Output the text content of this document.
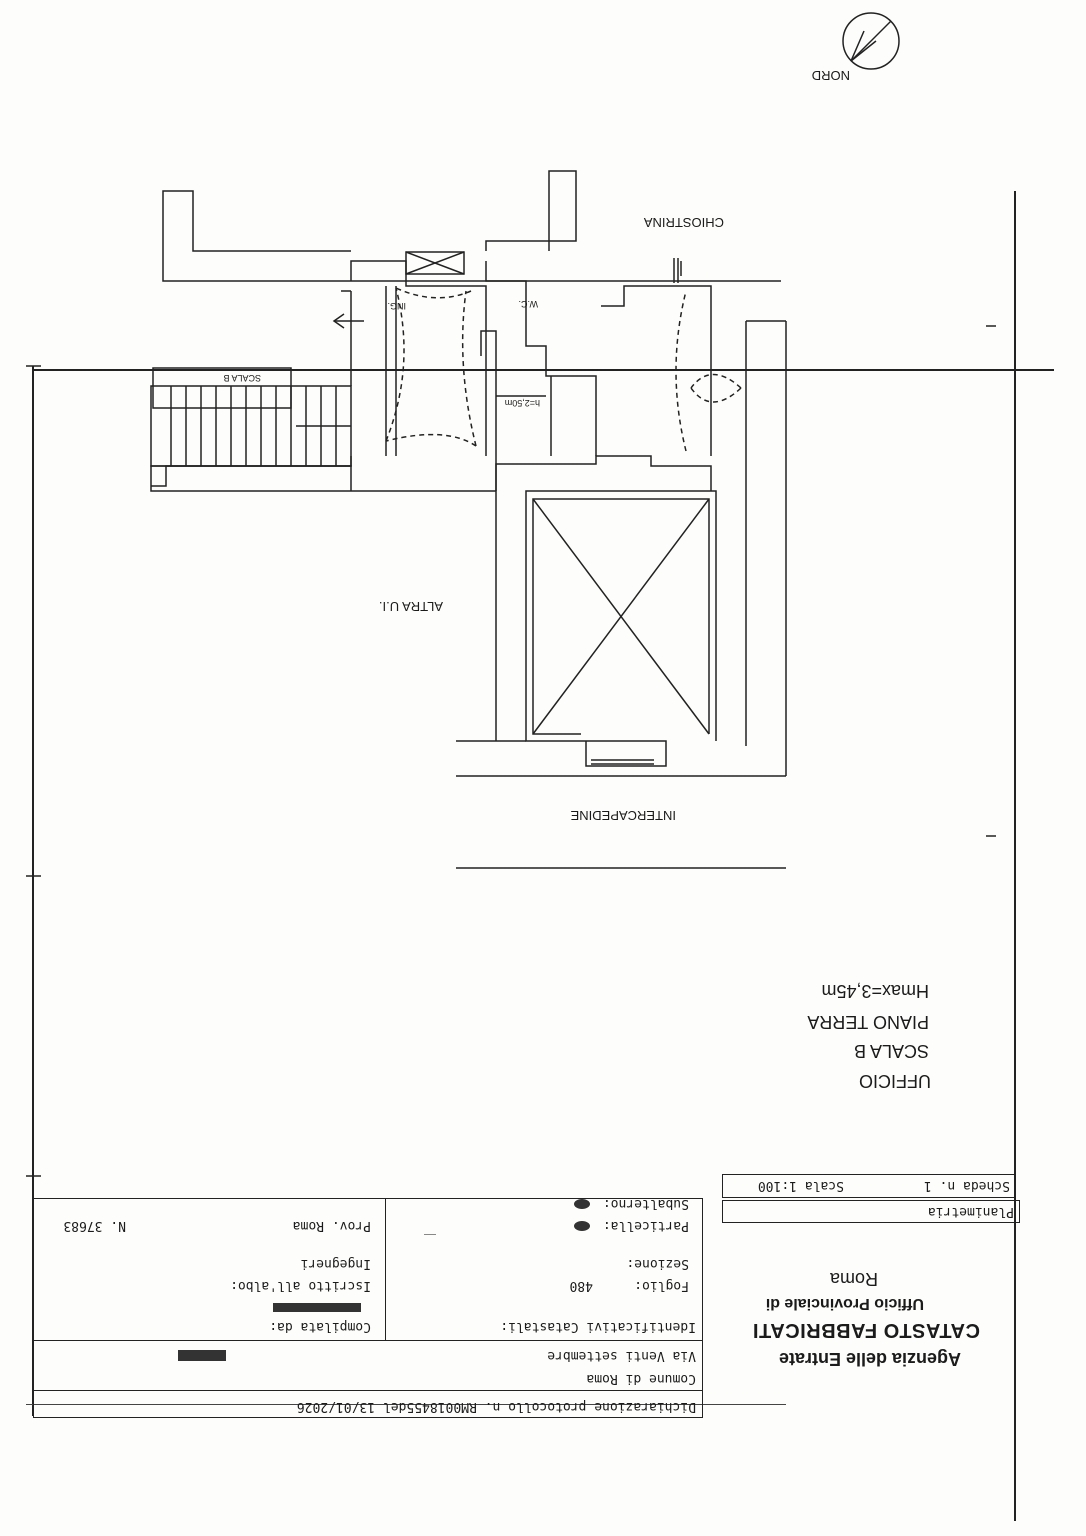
Dichiarazione protocollo n. RM0018455del 13/01/2026
Comune di Roma
Via Venti settembre
Identificativi Catastali:
Sezione:
Foglio:
480
Particella:
Subalterno:
Compilata da:
Iscritto all'albo:
Ingegneri
Prov. Roma
N. 37683
Agenzia delle Entrate
CATASTO FABBRICATI
Ufficio Provinciale di
Roma
Planimetria
Scheda n. 1
Scala 1:100
UFFICIO
SCALA B
PIANO TERRA
Hmax=3,45m
NORD
CHIOSTRINA
ING.	W.C.
SCALA B
h=2,50m
ALTRA U.I.
INTERCAPEDINE
